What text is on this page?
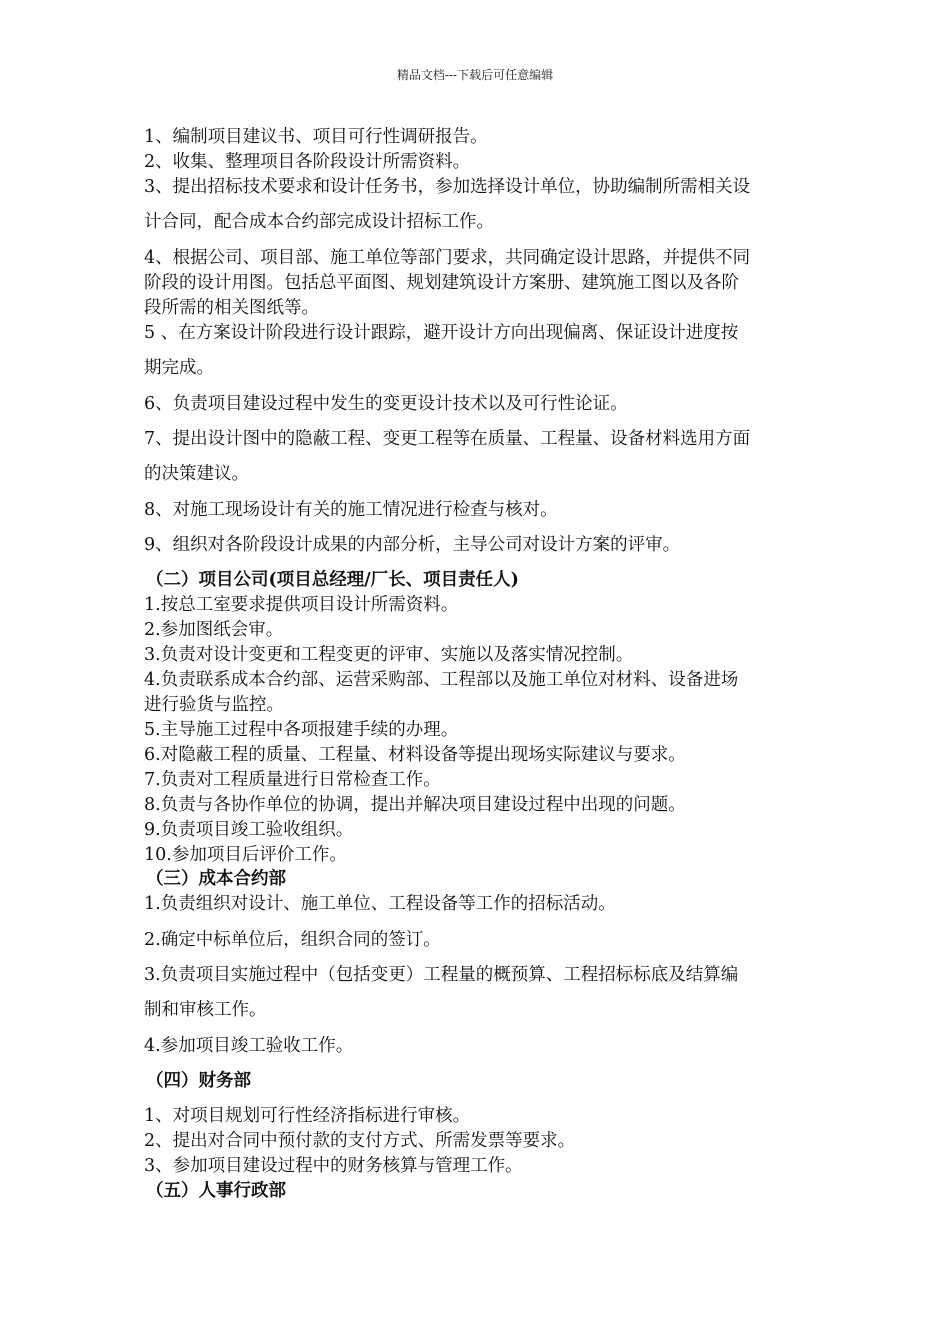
精品文档---下载后可任意编辑
1、编制项目建议书、项目可行性调研报告。
2、收集、整理项目各阶段设计所需资料。
3、提出招标技术要求和设计任务书，参加选择设计单位，协助编制所需相关设
计合同，配合成本合约部完成设计招标工作。
4、根据公司、项目部、施工单位等部门要求，共同确定设计思路，并提供不同
阶段的设计用图。包括总平面图、规划建筑设计方案册、建筑施工图以及各阶
段所需的相关图纸等。
5 、在方案设计阶段进行设计跟踪，避开设计方向出现偏离、保证设计进度按
期完成。
6、负责项目建设过程中发生的变更设计技术以及可行性论证。
7、提出设计图中的隐蔽工程、变更工程等在质量、工程量、设备材料选用方面
的决策建议。
8、对施工现场设计有关的施工情况进行检查与核对。
9、组织对各阶段设计成果的内部分析，主导公司对设计方案的评审。
（二）项目公司(项目总经理/厂长、项目责任人)
1.按总工室要求提供项目设计所需资料。
2.参加图纸会审。
3.负责对设计变更和工程变更的评审、实施以及落实情况控制。
4.负责联系成本合约部、运营采购部、工程部以及施工单位对材料、设备进场
进行验货与监控。
5.主导施工过程中各项报建手续的办理。
6.对隐蔽工程的质量、工程量、材料设备等提出现场实际建议与要求。
7.负责对工程质量进行日常检查工作。
8.负责与各协作单位的协调，提出并解决项目建设过程中出现的问题。
9.负责项目竣工验收组织。
10.参加项目后评价工作。
（三）成本合约部
1.负责组织对设计、施工单位、工程设备等工作的招标活动。
2.确定中标单位后，组织合同的签订。
3.负责项目实施过程中（包括变更）工程量的概预算、工程招标标底及结算编
制和审核工作。
4.参加项目竣工验收工作。
（四）财务部
1、对项目规划可行性经济指标进行审核。
2、提出对合同中预付款的支付方式、所需发票等要求。
3、参加项目建设过程中的财务核算与管理工作。
（五）人事行政部
